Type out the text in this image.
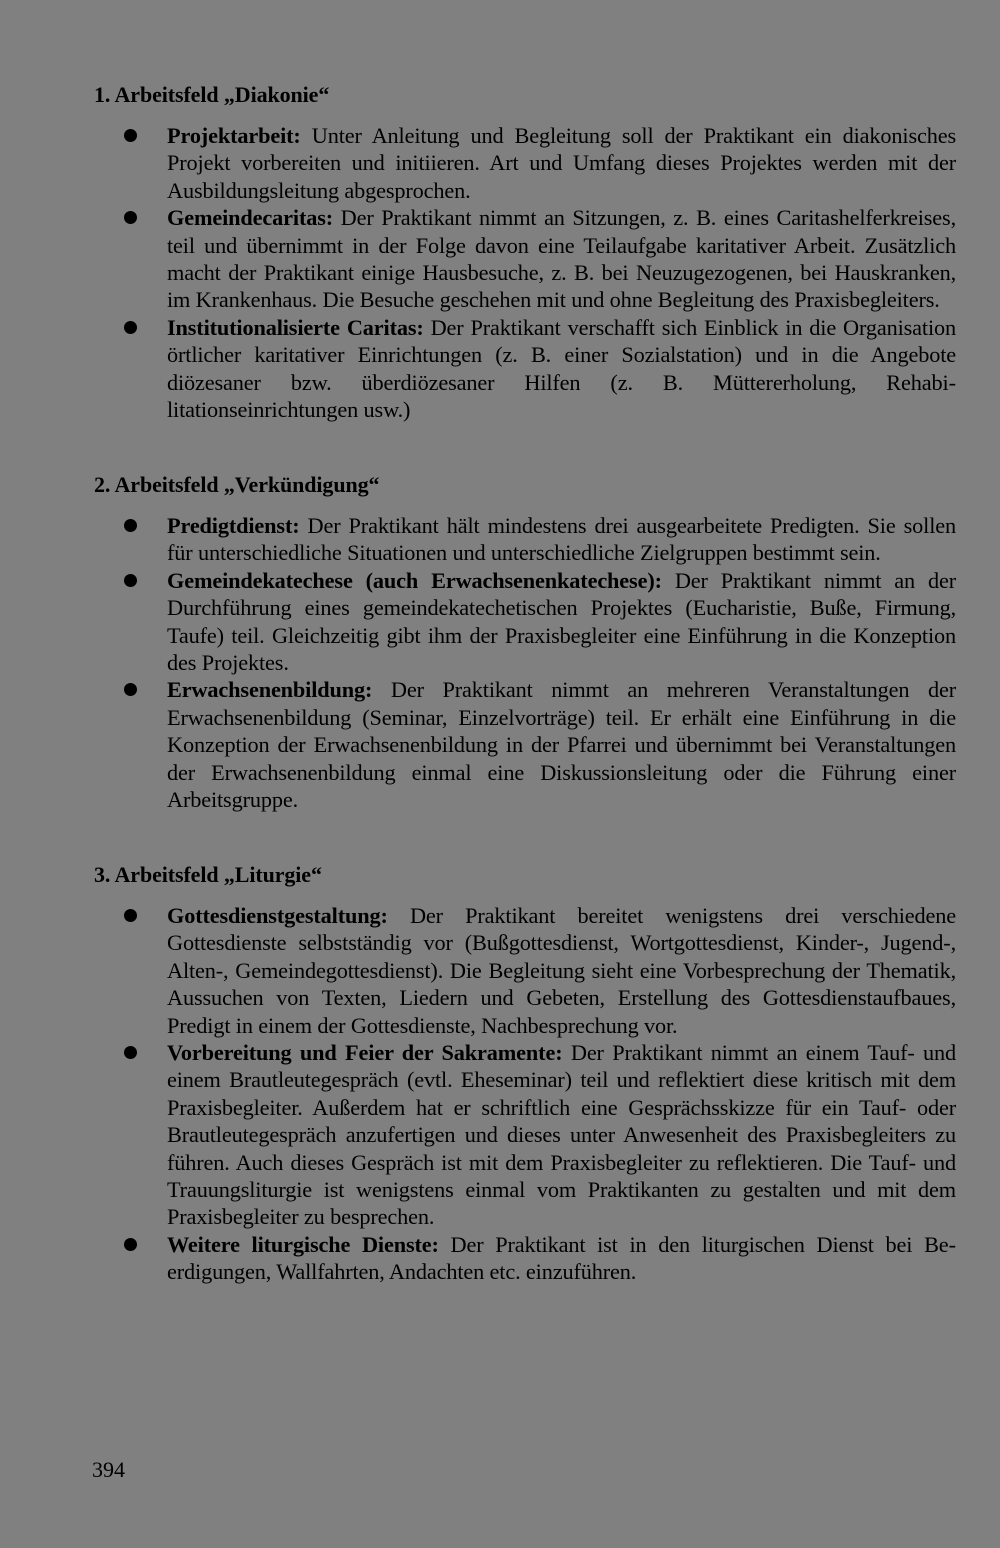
1. Arbeitsfeld „Diakonie“
Projektarbeit: Unter Anleitung und Begleitung soll der Praktikant ein diakonisches Projekt vorbereiten und initiieren. Art und Umfang dieses Projektes werden mit der Ausbildungsleitung abgesprochen.
Gemeindecaritas: Der Praktikant nimmt an Sitzungen, z. B. eines Caritashelferkreises, teil und übernimmt in der Folge davon eine Teilaufgabe karitativer Arbeit. Zusätzlich macht der Praktikant einige Hausbesuche, z. B. bei Neuzugezogenen, bei Hauskranken, im Krankenhaus. Die Besuche geschehen mit und ohne Begleitung des Praxisbegleiters.
Institutionalisierte Caritas: Der Praktikant verschafft sich Einblick in die Organisation örtlicher karitativer Einrichtungen (z. B. einer Sozialstation) und in die Angebote diözesaner bzw. überdiözesaner Hilfen (z. B. Müttererholung, Rehabilitationseinrichtungen usw.)
2. Arbeitsfeld „Verkündigung“
Predigtdienst: Der Praktikant hält mindestens drei ausgearbeitete Predigten. Sie sollen für unterschiedliche Situationen und unterschiedliche Zielgruppen bestimmt sein.
Gemeindekatechese (auch Erwachsenenkatechese): Der Praktikant nimmt an der Durchführung eines gemeindekatechetischen Projektes (Eucharistie, Buße, Firmung, Taufe) teil. Gleichzeitig gibt ihm der Praxisbegleiter eine Einführung in die Konzeption des Projektes.
Erwachsenenbildung: Der Praktikant nimmt an mehreren Veranstaltungen der Erwachsenenbildung (Seminar, Einzelvorträge) teil. Er erhält eine Einführung in die Konzeption der Erwachsenenbildung in der Pfarrei und übernimmt bei Veranstaltungen der Erwachsenenbildung einmal eine Diskussionsleitung oder die Führung einer Arbeitsgruppe.
3. Arbeitsfeld „Liturgie“
Gottesdienstgestaltung: Der Praktikant bereitet wenigstens drei verschiedene Gottesdienste selbstständig vor (Bußgottesdienst, Wortgottesdienst, Kinder-, Jugend-, Alten-, Gemeindegottesdienst). Die Begleitung sieht eine Vorbesprechung der Thematik, Aussuchen von Texten, Liedern und Gebeten, Erstellung des Gottesdienstaufbaues, Predigt in einem der Gottesdienste, Nachbesprechung vor.
Vorbereitung und Feier der Sakramente: Der Praktikant nimmt an einem Tauf- und einem Brautleutegespräch (evtl. Eheseminar) teil und reflektiert diese kritisch mit dem Praxisbegleiter. Außerdem hat er schriftlich eine Gesprächsskizze für ein Tauf- oder Brautleutegespräch anzufertigen und dieses unter Anwesenheit des Praxisbegleiters zu führen. Auch dieses Gespräch ist mit dem Praxisbegleiter zu reflektieren. Die Tauf- und Trauungsliturgie ist wenigstens einmal vom Praktikanten zu gestalten und mit dem Praxisbegleiter zu besprechen.
Weitere liturgische Dienste: Der Praktikant ist in den liturgischen Dienst bei Beerdigungen, Wallfahrten, Andachten etc. einzuführen.
394
